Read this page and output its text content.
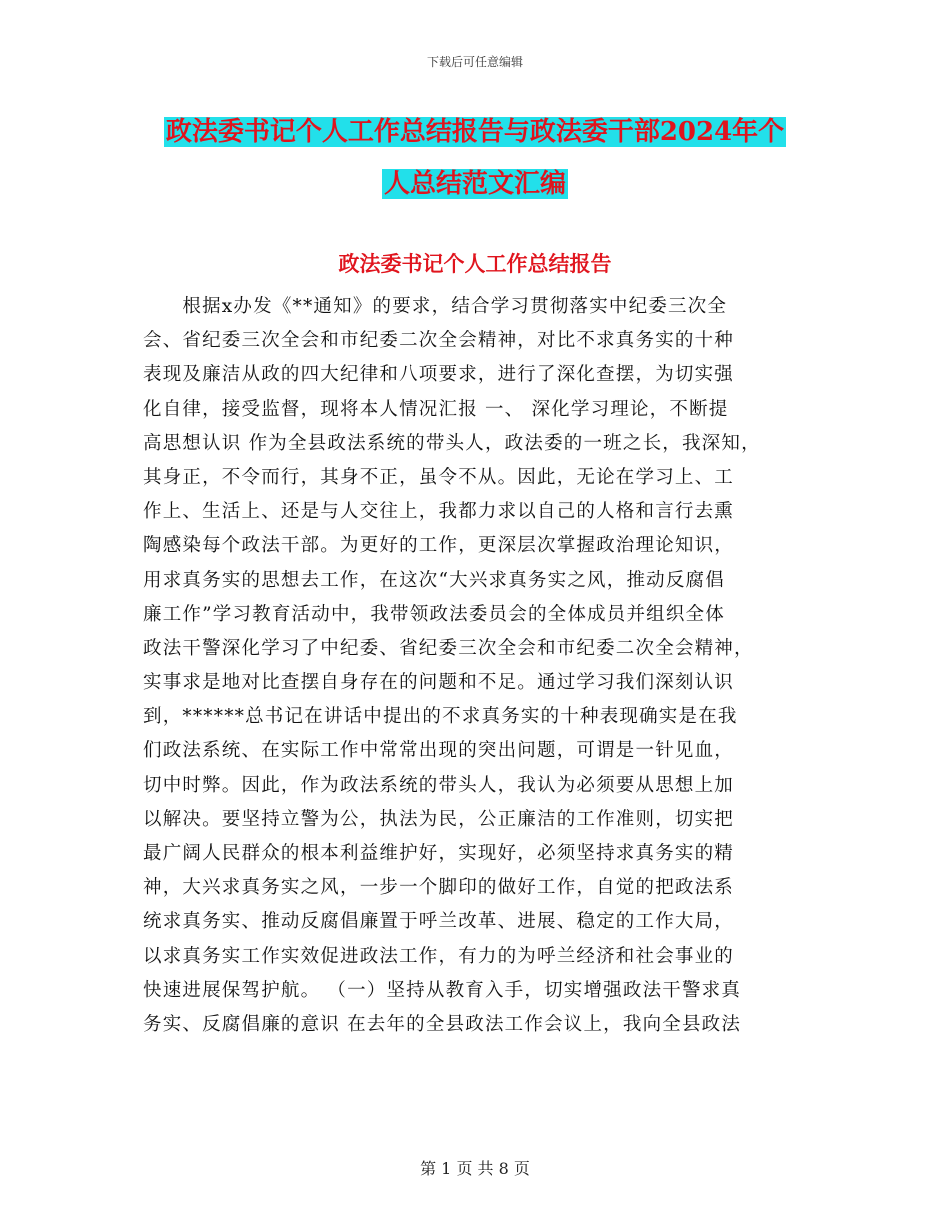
下载后可任意编辑
政法委书记个人工作总结报告与政法委干部2024年个
人总结范文汇编
政法委书记个人工作总结报告
　　根据x办发《**通知》的要求，结合学习贯彻落实中纪委三次全
会、省纪委三次全会和市纪委二次全会精神，对比不求真务实的十种
表现及廉洁从政的四大纪律和八项要求，进行了深化查摆，为切实强
化自律，接受监督，现将本人情况汇报 一、 深化学习理论，不断提
高思想认识 作为全县政法系统的带头人，政法委的一班之长，我深知，
其身正，不令而行，其身不正，虽令不从。因此，无论在学习上、工
作上、生活上、还是与人交往上，我都力求以自己的人格和言行去熏
陶感染每个政法干部。为更好的工作，更深层次掌握政治理论知识，
用求真务实的思想去工作，在这次“大兴求真务实之风，推动反腐倡
廉工作”学习教育活动中，我带领政法委员会的全体成员并组织全体
政法干警深化学习了中纪委、省纪委三次全会和市纪委二次全会精神，
实事求是地对比查摆自身存在的问题和不足。通过学习我们深刻认识
到，******总书记在讲话中提出的不求真务实的十种表现确实是在我
们政法系统、在实际工作中常常出现的突出问题，可谓是一针见血，
切中时弊。因此，作为政法系统的带头人，我认为必须要从思想上加
以解决。要坚持立警为公，执法为民，公正廉洁的工作准则，切实把
最广阔人民群众的根本利益维护好，实现好，必须坚持求真务实的精
神，大兴求真务实之风，一步一个脚印的做好工作，自觉的把政法系
统求真务实、推动反腐倡廉置于呼兰改革、进展、稳定的工作大局，
以求真务实工作实效促进政法工作，有力的为呼兰经济和社会事业的
快速进展保驾护航。 （一）坚持从教育入手，切实增强政法干警求真
务实、反腐倡廉的意识 在去年的全县政法工作会议上，我向全县政法
第 1 页 共 8 页
